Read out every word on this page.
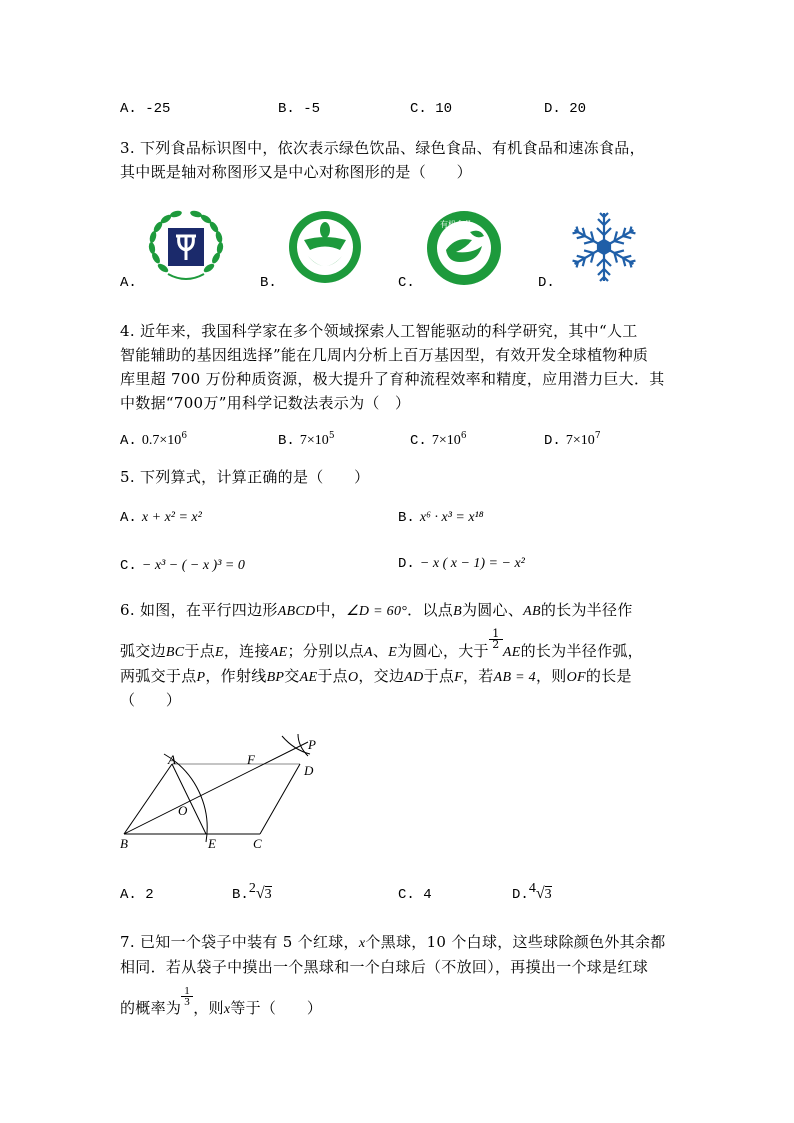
A. -25	B. -5	C. 10	D. 20
3. 下列食品标识图中，依次表示绿色饮品、绿色食品、有机食品和速冻食品，
其中既是轴对称图形又是中心对称图形的是（　　）
A.	B.
有机食品
C.	D.
4. 近年来，我国科学家在多个领域探索人工智能驱动的科学研究，其中“人工
智能辅助的基因组选择”能在几周内分析上百万基因型，有效开发全球植物种质
库里超 700 万份种质资源，极大提升了育种流程效率和精度，应用潜力巨大．其
中数据“700万”用科学记数法表示为（　）
A. $0.7\times 10^6$	B. $7\times 10^5$	C. $7\times 10^6$	D. $7\times 10^7$
5. 下列算式，计算正确的是（　　）
A. x + x² = x²	B. x⁶ · x³ = x¹⁸
C. − x³ − ( − x )³ = 0	D. − x ( x − 1) = − x²
6. 如图，在平行四边形ABCD中，∠D = 60°．以点B为圆心、AB的长为半径作
弧交边BC于点E，连接AE；分别以点A、E为圆心，大于
$\frac{1}{2}$
AE的长为半径作弧，
两弧交于点P，作射线BP交AE于点O，交边AD于点F，若AB = 4，则OF的长是
（　　）
A	F
D
P
O
B	E	C
A. 2	B.2√3	C. 4	D.4√3
7. 已知一个袋子中装有 5 个红球，x个黑球，10 个白球，这些球除颜色外其余都
相同．若从袋子中摸出一个黑球和一个白球后（不放回），再摸出一个球是红球
的概率为
$\frac{1}{3}$
，则x等于（　　）
